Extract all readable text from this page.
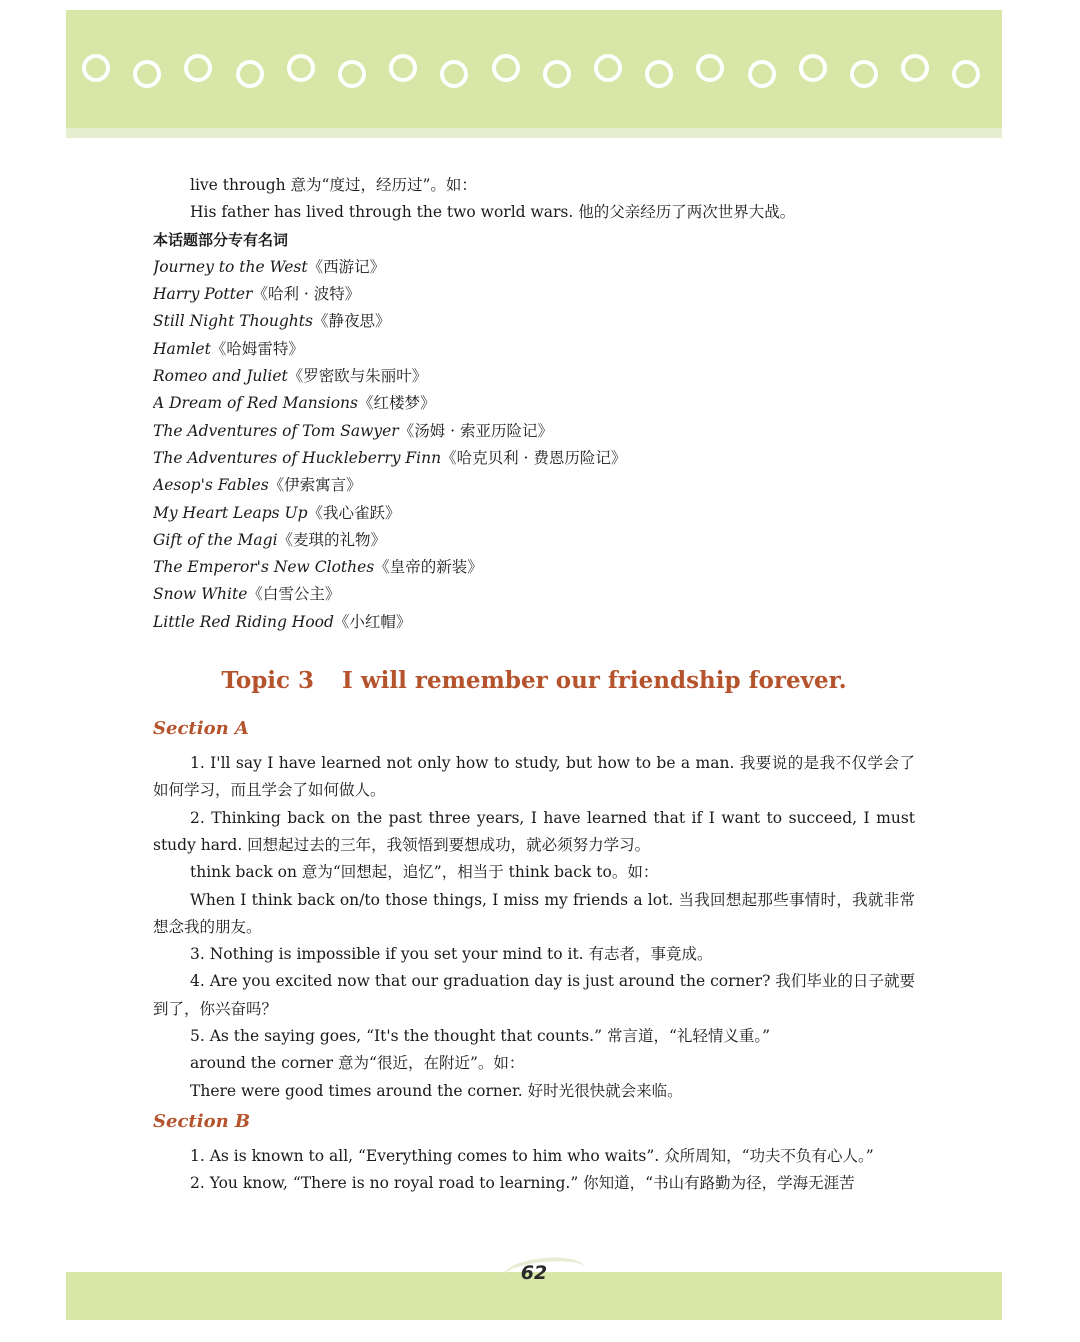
live through 意为“度过，经历过”。如：
His father has lived through the two world wars. 他的父亲经历了两次世界大战。
本话题部分专有名词
Journey to the West《西游记》
Harry Potter《哈利 · 波特》
Still Night Thoughts《静夜思》
Hamlet《哈姆雷特》
Romeo and Juliet《罗密欧与朱丽叶》
A Dream of Red Mansions《红楼梦》
The Adventures of Tom Sawyer《汤姆 · 索亚历险记》
The Adventures of Huckleberry Finn《哈克贝利 · 费恩历险记》
Aesop's Fables《伊索寓言》
My Heart Leaps Up《我心雀跃》
Gift of the Magi《麦琪的礼物》
The Emperor's New Clothes《皇帝的新装》
Snow White《白雪公主》
Little Red Riding Hood《小红帽》
Topic 3 I will remember our friendship forever.
Section A
1. I'll say I have learned not only how to study, but how to be a man. 我要说的是我不仅学会了如何学习，而且学会了如何做人。
2. Thinking back on the past three years, I have learned that if I want to succeed, I must study hard. 回想起过去的三年，我领悟到要想成功，就必须努力学习。
think back on 意为“回想起，追忆”，相当于 think back to。如：
When I think back on/to those things, I miss my friends a lot. 当我回想起那些事情时，我就非常想念我的朋友。
3. Nothing is impossible if you set your mind to it. 有志者，事竟成。
4. Are you excited now that our graduation day is just around the corner? 我们毕业的日子就要到了，你兴奋吗？
5. As the saying goes, “It's the thought that counts.” 常言道，“礼轻情义重。”
around the corner 意为“很近，在附近”。如：
There were good times around the corner. 好时光很快就会来临。
Section B
1. As is known to all, “Everything comes to him who waits”. 众所周知，“功夫不负有心人。”
2. You know, “There is no royal road to learning.” 你知道，“书山有路勤为径，学海无涯苦
62
